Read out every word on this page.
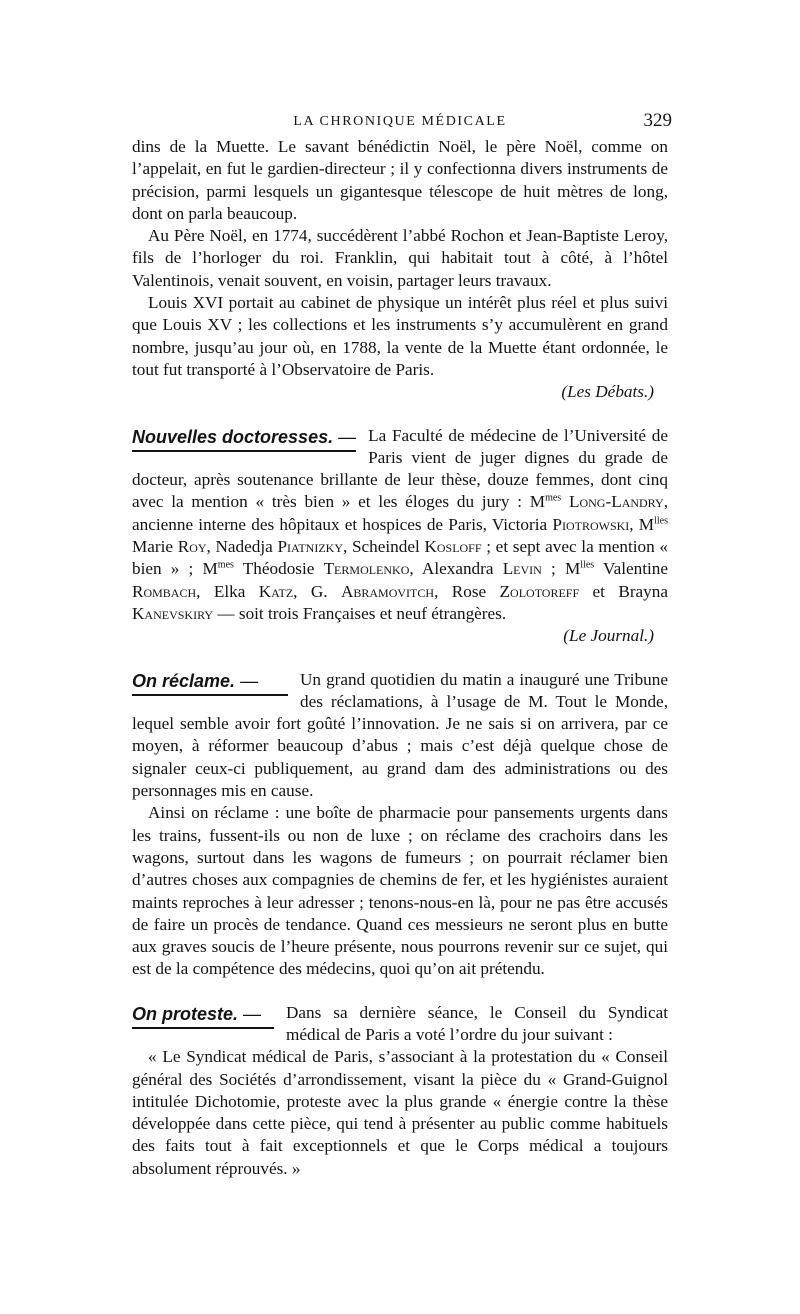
LA CHRONIQUE MÉDICALE	329

dins de la Muette. Le savant bénédictin Noël, le père Noël, comme on l’appelait, en fut le gardien-directeur ; il y confectionna divers instruments de précision, parmi lesquels un gigantesque télescope de huit mètres de long, dont on parla beaucoup.

Au Père Noël, en 1774, succédèrent l’abbé Rochon et Jean-Baptiste Leroy, fils de l’horloger du roi. Franklin, qui habitait tout à côté, à l’hôtel Valentinois, venait souvent, en voisin, partager leurs travaux.

Louis XVI portait au cabinet de physique un intérêt plus réel et plus suivi que Louis XV ; les collections et les instruments s’y accumulèrent en grand nombre, jusqu’au jour où, en 1788, la vente de la Muette étant ordonnée, le tout fut transporté à l’Observatoire de Paris.

(Les Débats.)

Nouvelles doctoresses. — La Faculté de médecine de l’Université de Paris vient de juger dignes du grade de docteur, après soutenance brillante de leur thèse, douze femmes, dont cinq avec la mention « très bien » et les éloges du jury : $M^{mes}$ Long-Landry, ancienne interne des hôpitaux et hospices de Paris, Victoria Piotrowski, $M^{lles}$ Marie Roy, Nadedja Piatnizky, Scheindel Kosloff ; et sept avec la mention « bien » ; $M^{mes}$ Théodosie Termolenko, Alexandra Levin ; $M^{lles}$ Valentine Rombach, Elka Katz, G. Abramovitch, Rose Zolotoreff et Brayna Kanevskiry — soit trois Françaises et neuf étrangères.

(Le Journal.)

On réclame. —	Un grand quotidien du matin a inauguré une Tribune des réclamations, à l’usage de M. Tout le Monde, lequel semble avoir fort goûté l’innovation. Je ne sais si on arrivera, par ce moyen, à réformer beaucoup d’abus ; mais c’est déjà quelque chose de signaler ceux-ci publiquement, au grand dam des administrations ou des personnages mis en cause.

Ainsi on réclame : une boîte de pharmacie pour pansements urgents dans les trains, fussent-ils ou non de luxe ; on réclame des crachoirs dans les wagons, surtout dans les wagons de fumeurs ; on pourrait réclamer bien d’autres choses aux compagnies de chemins de fer, et les hygiénistes auraient maints reproches à leur adresser ; tenons-nous-en là, pour ne pas être accusés de faire un procès de tendance. Quand ces messieurs ne seront plus en butte aux graves soucis de l’heure présente, nous pourrons revenir sur ce sujet, qui est de la compétence des médecins, quoi qu’on ait prétendu.

On proteste. —	Dans sa dernière séance, le Conseil du Syndicat médical de Paris a voté l’ordre du jour suivant :

« Le Syndicat médical de Paris, s’associant à la protestation du « Conseil général des Sociétés d’arrondissement, visant la pièce du « Grand-Guignol intitulée Dichotomie, proteste avec la plus grande « énergie contre la thèse développée dans cette pièce, qui tend à présenter au public comme habituels des faits tout à fait exceptionnels et que le Corps médical a toujours absolument réprouvés. »
